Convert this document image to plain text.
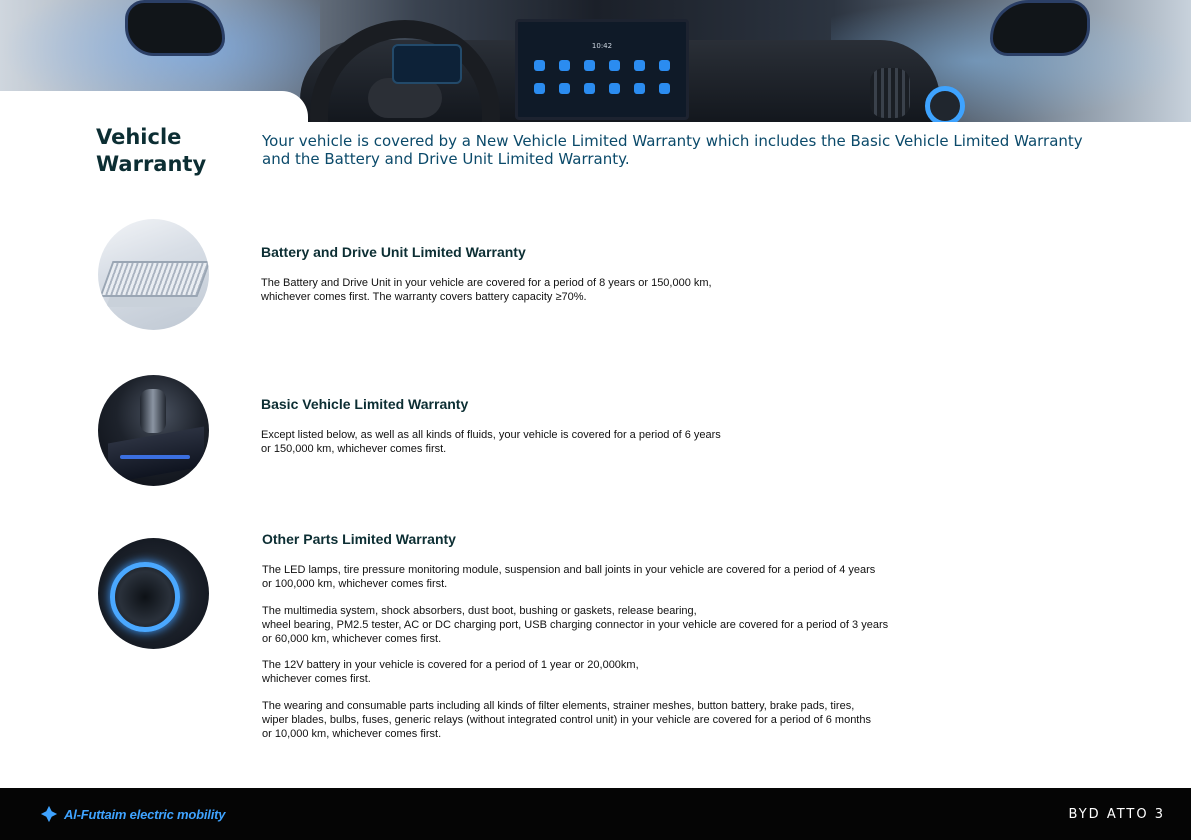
10:42
Vehicle Warranty

Your vehicle is covered by a New Vehicle Limited Warranty which includes the Basic Vehicle Limited Warranty and the Battery and Drive Unit Limited Warranty.

Battery and Drive Unit Limited Warranty

The Battery and Drive Unit in your vehicle are covered for a period of 8 years or 150,000 km,
whichever comes first. The warranty covers battery capacity ≥70%.

Basic Vehicle Limited Warranty

Except listed below, as well as all kinds of fluids, your vehicle is covered for a period of 6 years
or 150,000 km, whichever comes first.

Other Parts Limited Warranty

The LED lamps, tire pressure monitoring module, suspension and ball joints in your vehicle are covered for a period of 4 years
or 100,000 km, whichever comes first.

The multimedia system, shock absorbers, dust boot, bushing or gaskets, release bearing,
wheel bearing, PM2.5 tester, AC or DC charging port, USB charging connector in your vehicle are covered for a period of 3 years
or 60,000 km, whichever comes first.

The 12V battery in your vehicle is covered for a period of 1 year or 20,000km,
whichever comes first.

The wearing and consumable parts including all kinds of filter elements, strainer meshes, button battery, brake pads, tires,
wiper blades, bulbs, fuses, generic relays (without integrated control unit) in your vehicle are covered for a period of 6 months
or 10,000 km, whichever comes first.

Al-Futtaim electric mobility	BYD ATTO 3
